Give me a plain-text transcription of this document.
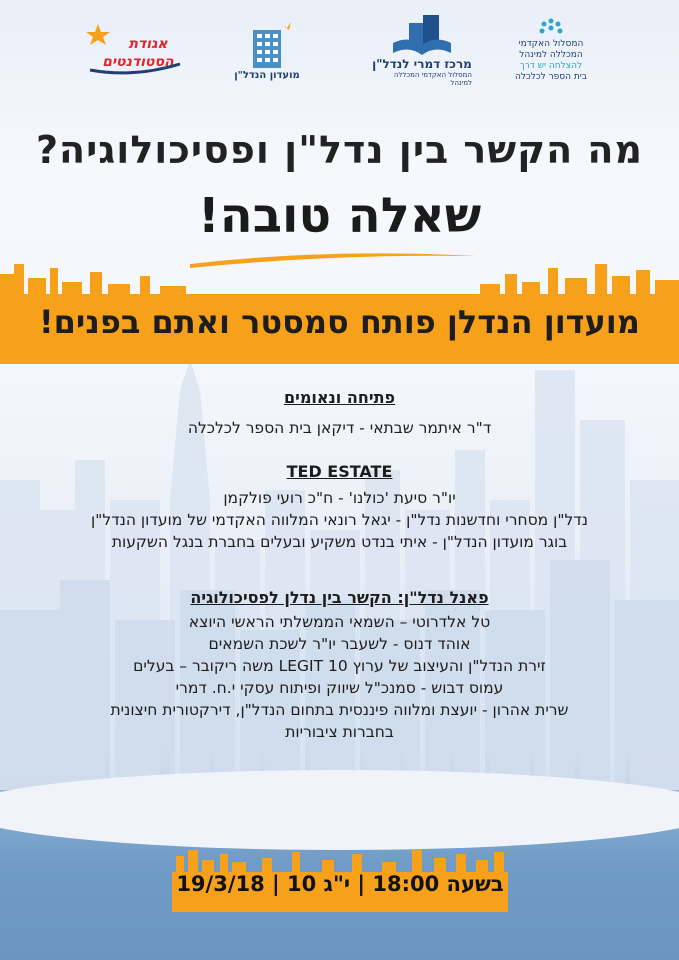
אגודת
הסטודנטים
מועדון הנדל"ן
מרכז דמרי לנדל"ן
המסלול האקדמי המכללה למינהל
המסלול האקדמי
המכללה למינהל
להצלחה יש דרך
בית הספר לכלכלה
מה הקשר בין נדל"ן ופסיכולוגיה?
שאלה טובה!
מועדון הנדלן פותח סמסטר ואתם בפנים!
פתיחה ונאומים
ד"ר איתמר שבתאי - דיקאן בית הספר לכלכלה
TED ESTATE
יו"ר סיעת 'כולנו' - ח"כ רועי פולקמן
נדל"ן מסחרי וחדשנות נדל"ן - יגאל רונאי המלווה האקדמי של מועדון הנדל"ן
בוגר מועדון הנדל"ן - איתי בנדט משקיע ובעלים בחברת בנגל השקעות
פאנל נדל"ן: הקשר בין נדלן לפסיכולוגיה
טל אלדרוטי – השמאי הממשלתי הראשי היוצא
אוהד דנוס - לשעבר יו"ר לשכת השמאים
זירת הנדל"ן והעיצוב של ערוץ LEGIT 10 משה ריקובר – בעלים
עמוס דבוש - סמנכ"ל שיווק ופיתוח עסקי י.ח. דמרי
שרית אהרון - יועצת ומלווה פיננסית בתחום הנדל"ן, דירקטורית חיצונית
בחברות ציבוריות
בשעה 18:00 | י"ג 10 | 19/3/18
